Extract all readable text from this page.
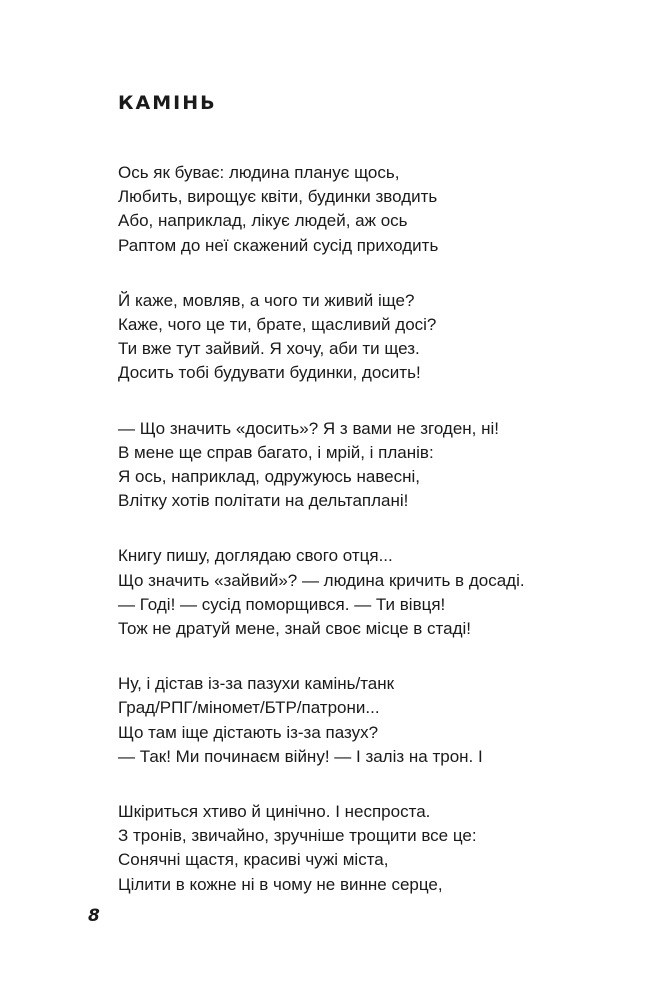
КАМІНЬ
Ось як буває: людина планує щось,
Любить, вирощує квіти, будинки зводить
Або, наприклад, лікує людей, аж ось
Раптом до неї скажений сусід приходить
Й каже, мовляв, а чого ти живий іще?
Каже, чого це ти, брате, щасливий досі?
Ти вже тут зайвий. Я хочу, аби ти щез.
Досить тобі будувати будинки, досить!
— Що значить «досить»? Я з вами не згоден, ні!
В мене ще справ багато, і мрій, і планів:
Я ось, наприклад, одружуюсь навесні,
Влітку хотів політати на дельтаплані!
Книгу пишу, доглядаю свого отця...
Що значить «зайвий»? — людина кричить в досаді.
— Годі! — сусід поморщився. — Ти вівця!
Тож не дратуй мене, знай своє місце в стаді!
Ну, і дістав із-за пазухи камінь/танк
Град/РПГ/міномет/БТР/патрони...
Що там іще дістають із-за пазух?
— Так! Ми починаєм війну! — І заліз на трон. І
Шкіриться хтиво й цинічно. І неспроста.
З тронів, звичайно, зручніше трощити все це:
Сонячні щастя, красиві чужі міста,
Цілити в кожне ні в чому не винне серце,
8
